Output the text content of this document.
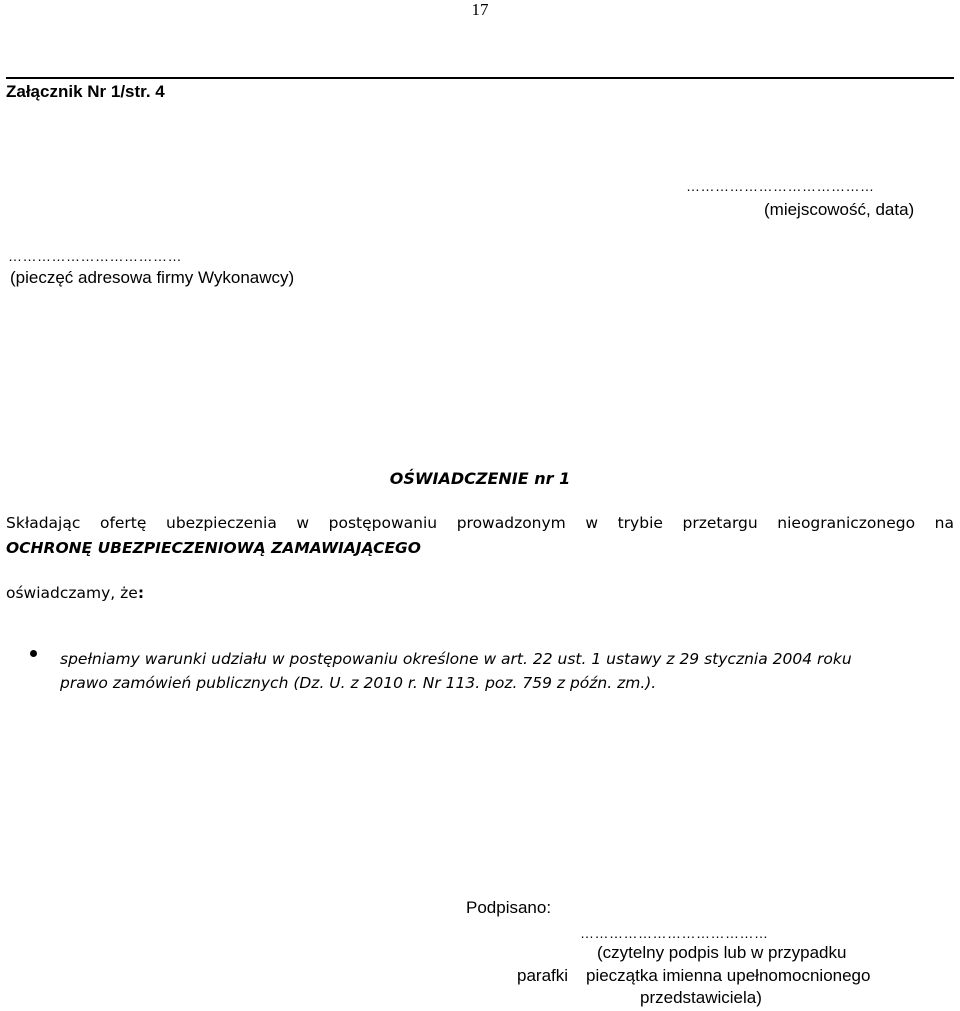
17
Załącznik Nr 1/str. 4
…………………………………
(miejscowość, data)
………………………………
(pieczęć adresowa firmy Wykonawcy)
OŚWIADCZENIE nr 1
Składając ofertę ubezpieczenia w postępowaniu prowadzonym w trybie przetargu nieograniczonego na
OCHRONĘ UBEZPIECZENIOWĄ ZAMAWIAJĄCEGO
oświadczamy, że:
spełniamy warunki udziału w postępowaniu określone w art. 22 ust. 1 ustawy z 29 stycznia 2004 roku
prawo zamówień publicznych (Dz. U. z 2010 r. Nr 113. poz. 759 z późn. zm.).
Podpisano:
…………………………………
(czytelny podpis lub w przypadku
parafki pieczątka imienna upełnomocnionego
przedstawiciela)
